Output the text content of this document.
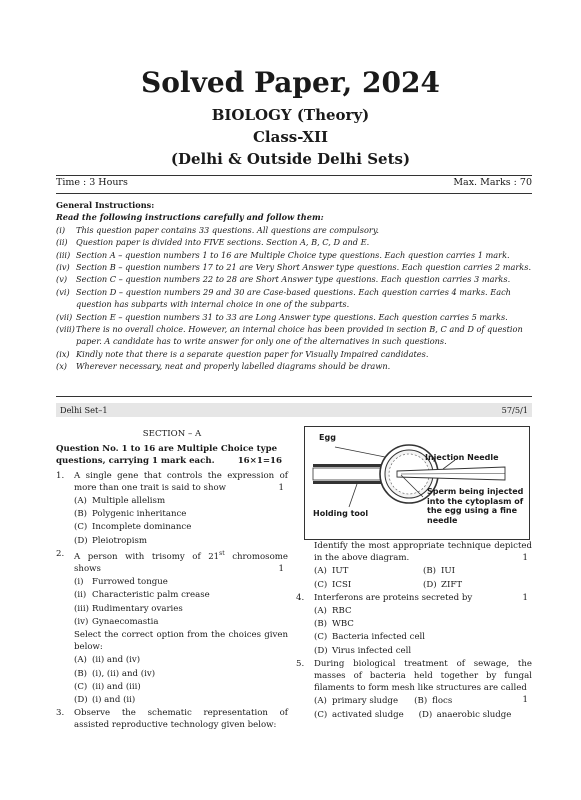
Solved Paper, 2024
BIOLOGY (Theory)
Class-XII
(Delhi & Outside Delhi Sets)
Time : 3 Hours	Max. Marks : 70
General Instructions:
Read the following instructions carefully and follow them:
(i) This question paper contains 33 questions. All questions are compulsory.
(ii) Question paper is divided into FIVE sections. Section A, B, C, D and E.
(iii) Section A – question numbers 1 to 16 are Multiple Choice type questions. Each question carries 1 mark.
(iv) Section B – question numbers 17 to 21 are Very Short Answer type questions. Each question carries 2 marks.
(v) Section C – question numbers 22 to 28 are Short Answer type questions. Each question carries 3 marks.
(vi) Section D – question numbers 29 and 30 are Case-based questions. Each question carries 4 marks. Each question has subparts with internal choice in one of the subparts.
(vii) Section E – question numbers 31 to 33 are Long Answer type questions. Each question carries 5 marks.
(viii) There is no overall choice. However, an internal choice has been provided in section B, C and D of question paper. A candidate has to write answer for only one of the alternatives in such questions.
(ix) Kindly note that there is a separate question paper for Visually Impaired candidates.
(x) Wherever necessary, neat and properly labelled diagrams should be drawn.
Delhi Set–1	57/5/1
SECTION – A
Question No. 1 to 16 are Multiple Choice type questions, carrying 1 mark each.	16×1=16
1. A single gene that controls the expression of more than one trait is said to show	1
(A) Multiple allelism
(B) Polygenic inheritance
(C) Incomplete dominance
(D) Pleiotropism
2. A person with trisomy of 21st chromosome shows	1
(i) Furrowed tongue
(ii) Characteristic palm crease
(iii) Rudimentary ovaries
(iv) Gynaecomastia
Select the correct option from the choices given below:
(A) (ii) and (iv)
(B) (i), (ii) and (iv)
(C) (ii) and (iii)
(D) (i) and (ii)
3. Observe the schematic representation of assisted reproductive technology given below:
Egg
Injection Needle
Sperm being injected into the cytoplasm of the egg using a fine needle
Holding tool
Identify the most appropriate technique depicted in the above diagram.	1
(A) IUT	(B) IUI
(C) ICSI	(D) ZIFT
4. Interferons are proteins secreted by	1
(A) RBC
(B) WBC
(C) Bacteria infected cell
(D) Virus infected cell
5. During biological treatment of sewage, the masses of bacteria held together by fungal filaments to form mesh like structures are called
1
(A) primary sludge	(B) flocs
(C) activated sludge	(D) anaerobic sludge
